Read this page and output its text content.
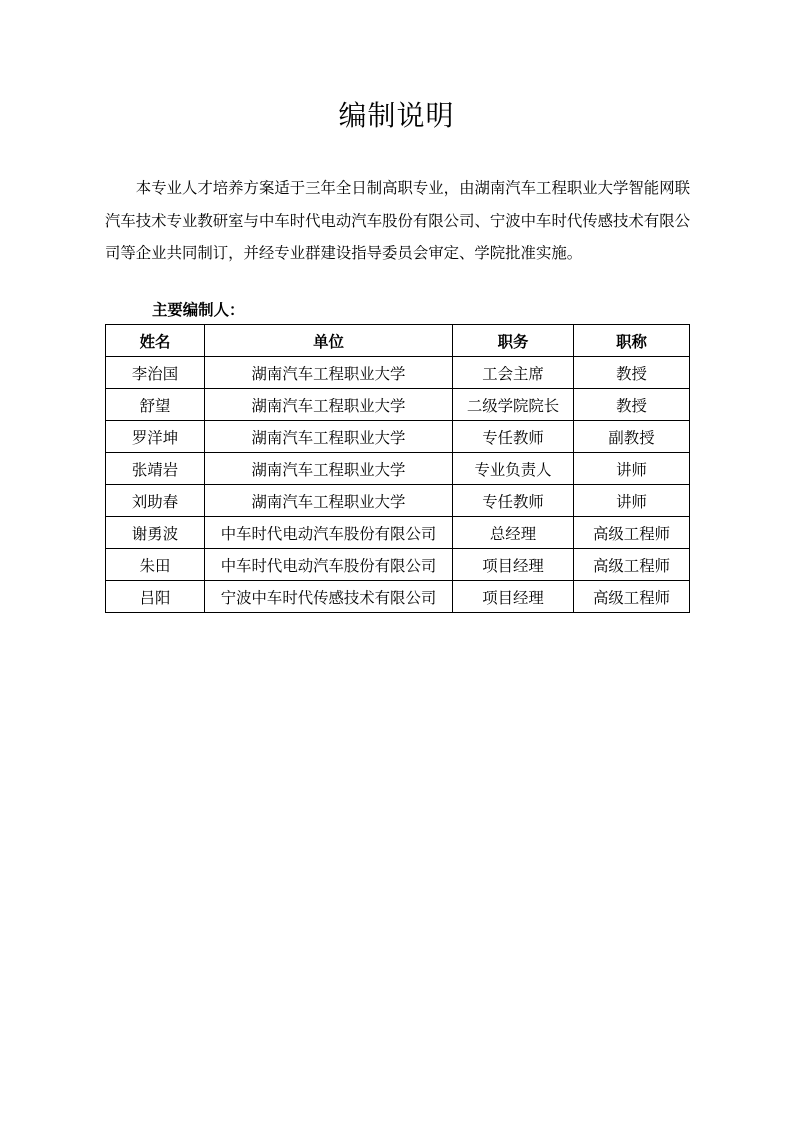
编制说明

本专业人才培养方案适于三年全日制高职专业，由湖南汽车工程职业大学智能网联汽车技术专业教研室与中车时代电动汽车股份有限公司、宁波中车时代传感技术有限公司等企业共同制订，并经专业群建设指导委员会审定、学院批准实施。

主要编制人：
姓名	单位	职务	职称
李治国	湖南汽车工程职业大学	工会主席	教授
舒望	湖南汽车工程职业大学	二级学院院长	教授
罗洋坤	湖南汽车工程职业大学	专任教师	副教授
张靖岩	湖南汽车工程职业大学	专业负责人	讲师
刘助春	湖南汽车工程职业大学	专任教师	讲师
谢勇波	中车时代电动汽车股份有限公司	总经理	高级工程师
朱田	中车时代电动汽车股份有限公司	项目经理	高级工程师
吕阳	宁波中车时代传感技术有限公司	项目经理	高级工程师
